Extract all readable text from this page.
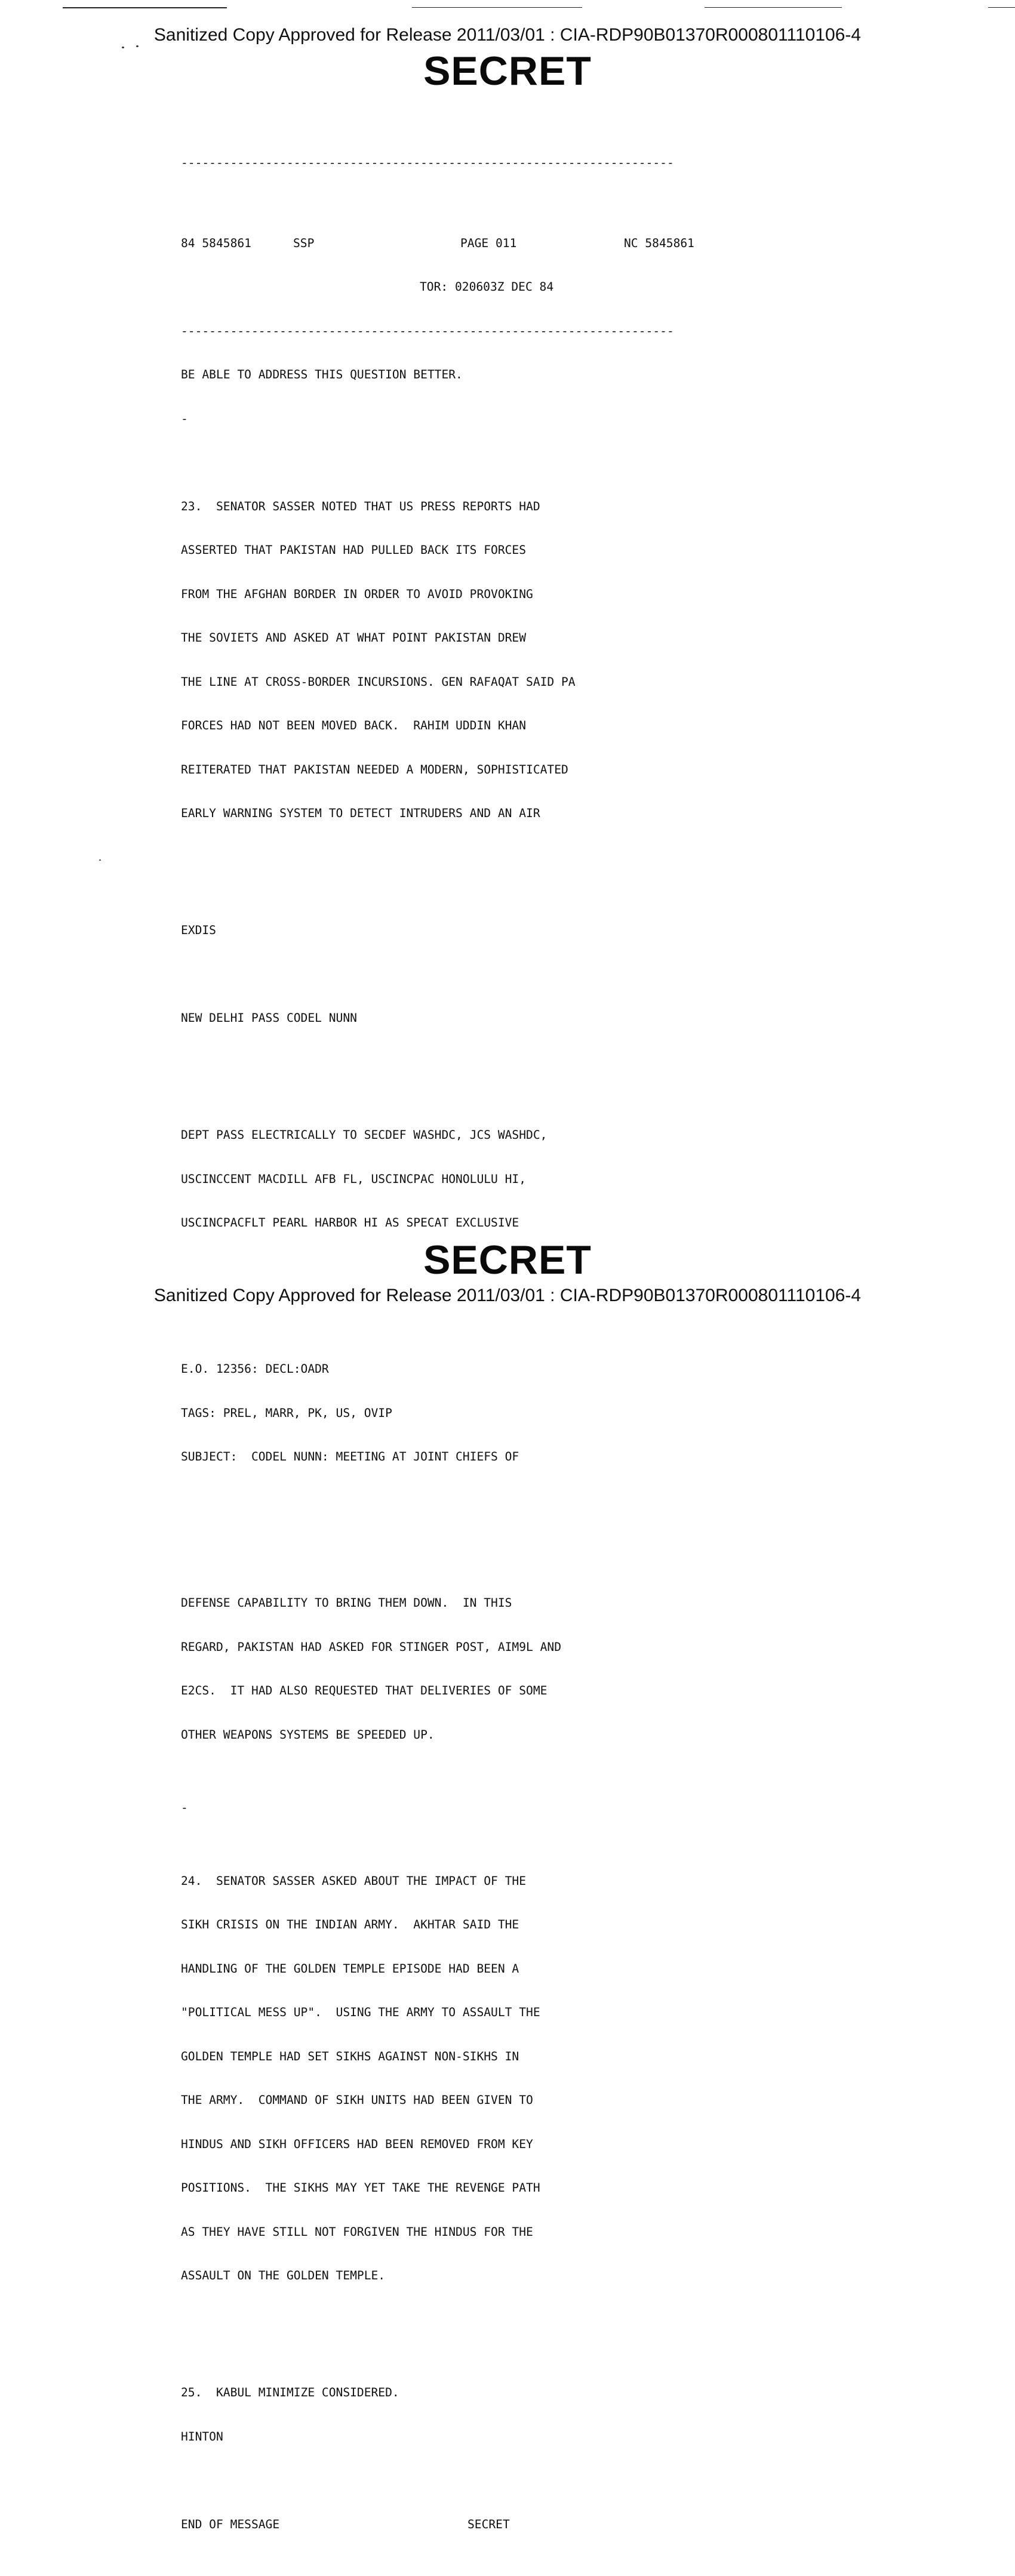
Sanitized Copy Approved for Release 2011/03/01 : CIA-RDP90B01370R000801110106-4
SECRET

----------------------------------------------------------------------

84 5845861

	SSP

	PAGE 011

	NC 5845861

TOR: 020603Z DEC 84

----------------------------------------------------------------------

BE ABLE TO ADDRESS THIS QUESTION BETTER.

-

23.  SENATOR SASSER NOTED THAT US PRESS REPORTS HAD

ASSERTED THAT PAKISTAN HAD PULLED BACK ITS FORCES

FROM THE AFGHAN BORDER IN ORDER TO AVOID PROVOKING

THE SOVIETS AND ASKED AT WHAT POINT PAKISTAN DREW

THE LINE AT CROSS-BORDER INCURSIONS. GEN RAFAQAT SAID PA

FORCES HAD NOT BEEN MOVED BACK.  RAHIM UDDIN KHAN

REITERATED THAT PAKISTAN NEEDED A MODERN, SOPHISTICATED

EARLY WARNING SYSTEM TO DETECT INTRUDERS AND AN AIR

EXDIS

NEW DELHI PASS CODEL NUNN

DEPT PASS ELECTRICALLY TO SECDEF WASHDC, JCS WASHDC,

USCINCCENT MACDILL AFB FL, USCINCPAC HONOLULU HI,

USCINCPACFLT PEARL HARBOR HI AS SPECAT EXCLUSIVE

E.O. 12356: DECL:OADR

TAGS: PREL, MARR, PK, US, OVIP

SUBJECT:  CODEL NUNN: MEETING AT JOINT CHIEFS OF

DEFENSE CAPABILITY TO BRING THEM DOWN.  IN THIS

REGARD, PAKISTAN HAD ASKED FOR STINGER POST, AIM9L AND

E2CS.  IT HAD ALSO REQUESTED THAT DELIVERIES OF SOME

OTHER WEAPONS SYSTEMS BE SPEEDED UP.

-

24.  SENATOR SASSER ASKED ABOUT THE IMPACT OF THE

SIKH CRISIS ON THE INDIAN ARMY.  AKHTAR SAID THE

HANDLING OF THE GOLDEN TEMPLE EPISODE HAD BEEN A

"POLITICAL MESS UP".  USING THE ARMY TO ASSAULT THE

GOLDEN TEMPLE HAD SET SIKHS AGAINST NON-SIKHS IN

THE ARMY.  COMMAND OF SIKH UNITS HAD BEEN GIVEN TO

HINDUS AND SIKH OFFICERS HAD BEEN REMOVED FROM KEY

POSITIONS.  THE SIKHS MAY YET TAKE THE REVENGE PATH

AS THEY HAVE STILL NOT FORGIVEN THE HINDUS FOR THE

ASSAULT ON THE GOLDEN TEMPLE.

25.  KABUL MINIMIZE CONSIDERED.

HINTON

END OF MESSAGE

	SECRET

SECRET
Sanitized Copy Approved for Release 2011/03/01 : CIA-RDP90B01370R000801110106-4
